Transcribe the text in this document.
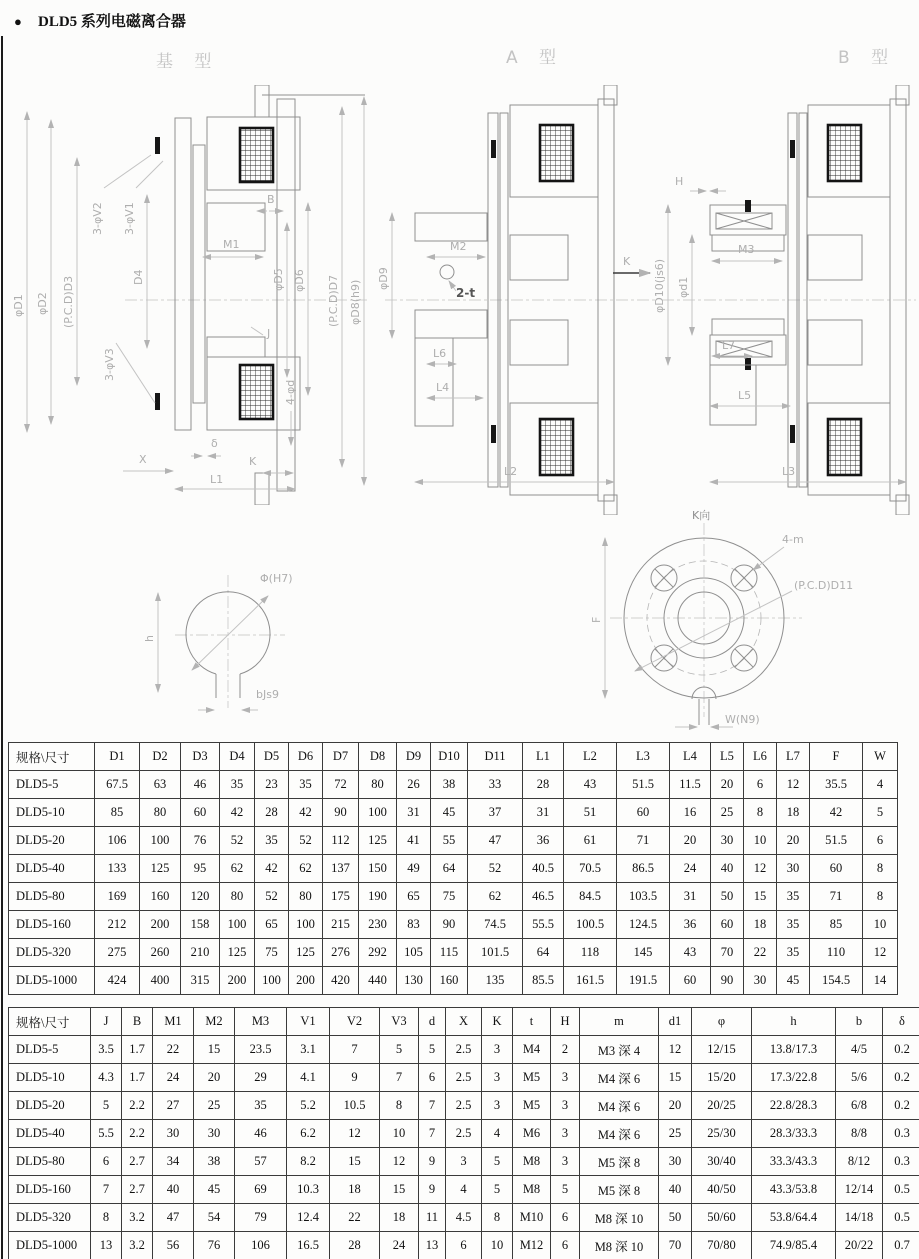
● DLD5 系列电磁离合器
基 型	A 型	B 型
φD1 φD2 (P.C.D)D3	D4
3-φV2 3-φV1
3-φV3
B
M1
J
φD5 φD6 (P.C.D)D7 φD8(h9)
4-φd
δ
X	K
L1
M2
φD9
2-t
L6
L4
L2
K
H
φD10(js6) φd1
M3
L7
L5
L3
Φ(H7)
h
bJs9
K向
4-m
(P.C.D)D11
F
W(N9)
规格\尺寸	D1	D2	D3	D4	D5	D6	D7	D8	D9	D10	D11	L1	L2	L3	L4	L5	L6	L7	F	W
DLD5-5	67.5	63	46	35	23	35	72	80	26	38	33	28	43	51.5	11.5	20	6	12	35.5	4
DLD5-10	85	80	60	42	28	42	90	100	31	45	37	31	51	60	16	25	8	18	42	5
DLD5-20	106	100	76	52	35	52	112	125	41	55	47	36	61	71	20	30	10	20	51.5	6
DLD5-40	133	125	95	62	42	62	137	150	49	64	52	40.5	70.5	86.5	24	40	12	30	60	8
DLD5-80	169	160	120	80	52	80	175	190	65	75	62	46.5	84.5	103.5	31	50	15	35	71	8
DLD5-160	212	200	158	100	65	100	215	230	83	90	74.5	55.5	100.5	124.5	36	60	18	35	85	10
DLD5-320	275	260	210	125	75	125	276	292	105	115	101.5	64	118	145	43	70	22	35	110	12
DLD5-1000	424	400	315	200	100	200	420	440	130	160	135	85.5	161.5	191.5	60	90	30	45	154.5	14
规格\尺寸	J	B	M1	M2	M3	V1	V2	V3	d	X	K	t	H	m	d1	φ	h	b	δ
DLD5-5	3.5	1.7	22	15	23.5	3.1	7	5	5	2.5	3	M4	2	M3 深 4	12	12/15	13.8/17.3	4/5	0.2
DLD5-10	4.3	1.7	24	20	29	4.1	9	7	6	2.5	3	M5	3	M4 深 6	15	15/20	17.3/22.8	5/6	0.2
DLD5-20	5	2.2	27	25	35	5.2	10.5	8	7	2.5	3	M5	3	M4 深 6	20	20/25	22.8/28.3	6/8	0.2
DLD5-40	5.5	2.2	30	30	46	6.2	12	10	7	2.5	4	M6	3	M4 深 6	25	25/30	28.3/33.3	8/8	0.3
DLD5-80	6	2.7	34	38	57	8.2	15	12	9	3	5	M8	3	M5 深 8	30	30/40	33.3/43.3	8/12	0.3
DLD5-160	7	2.7	40	45	69	10.3	18	15	9	4	5	M8	5	M5 深 8	40	40/50	43.3/53.8	12/14	0.5
DLD5-320	8	3.2	47	54	79	12.4	22	18	11	4.5	8	M10	6	M8 深 10	50	50/60	53.8/64.4	14/18	0.5
DLD5-1000	13	3.2	56	76	106	16.5	28	24	13	6	10	M12	6	M8 深 10	70	70/80	74.9/85.4	20/22	0.7
